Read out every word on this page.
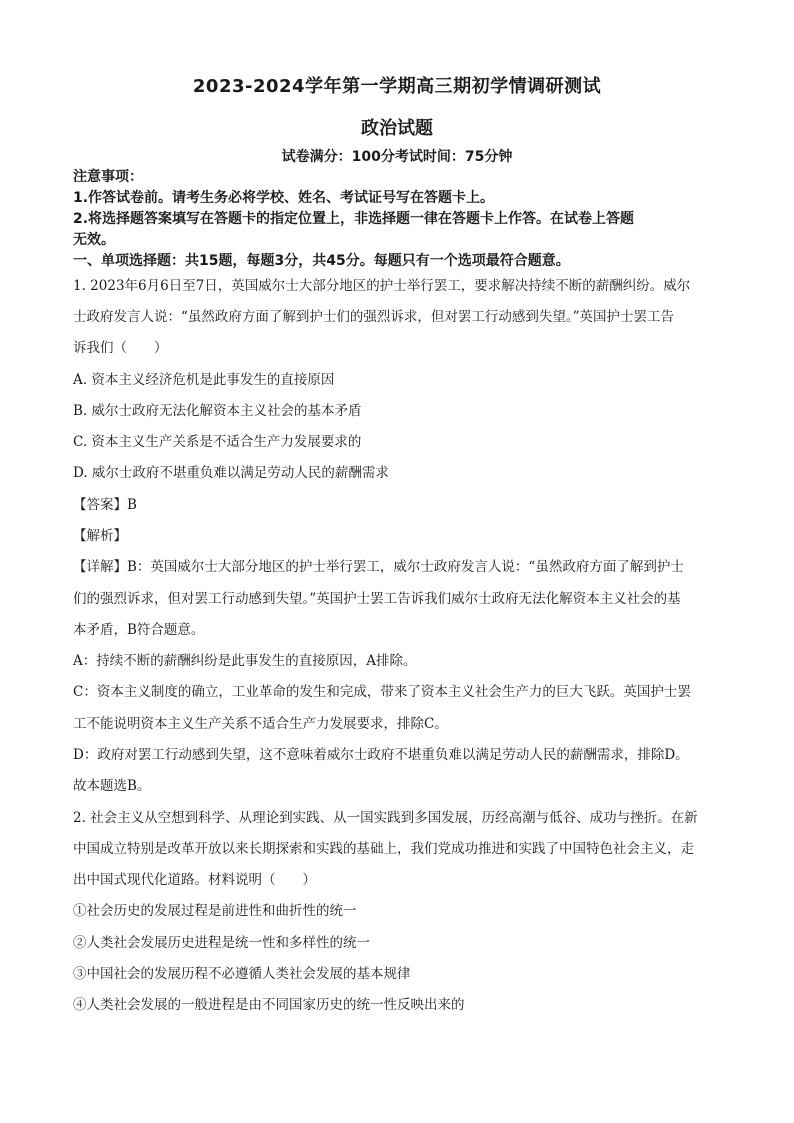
2023-2024学年第一学期高三期初学情调研测试
政治试题
试卷满分：100分考试时间：75分钟
注意事项：
1.作答试卷前。请考生务必将学校、姓名、考试证号写在答题卡上。
2.将选择题答案填写在答题卡的指定位置上，非选择题一律在答题卡上作答。在试卷上答题
无效。
一、单项选择题：共15题，每题3分，共45分。每题只有一个选项最符合题意。
1. 2023年6月6日至7日，英国威尔士大部分地区的护士举行罢工，要求解决持续不断的薪酬纠纷。威尔
士政府发言人说：“虽然政府方面了解到护士们的强烈诉求，但对罢工行动感到失望。”英国护士罢工告
诉我们（　　）
A. 资本主义经济危机是此事发生的直接原因
B. 威尔士政府无法化解资本主义社会的基本矛盾
C. 资本主义生产关系是不适合生产力发展要求的
D. 威尔士政府不堪重负难以满足劳动人民的薪酬需求
【答案】B
【解析】
【详解】B：英国威尔士大部分地区的护士举行罢工，威尔士政府发言人说：“虽然政府方面了解到护士
们的强烈诉求，但对罢工行动感到失望。”英国护士罢工告诉我们威尔士政府无法化解资本主义社会的基
本矛盾，B符合题意。
A：持续不断的薪酬纠纷是此事发生的直接原因，A排除。
C：资本主义制度的确立，工业革命的发生和完成，带来了资本主义社会生产力的巨大飞跃。英国护士罢
工不能说明资本主义生产关系不适合生产力发展要求，排除C。
D：政府对罢工行动感到失望，这不意味着威尔士政府不堪重负难以满足劳动人民的薪酬需求，排除D。
故本题选B。
2. 社会主义从空想到科学、从理论到实践、从一国实践到多国发展，历经高潮与低谷、成功与挫折。在新
中国成立特别是改革开放以来长期探索和实践的基础上，我们党成功推进和实践了中国特色社会主义，走
出中国式现代化道路。材料说明（　　）
①社会历史的发展过程是前进性和曲折性的统一
②人类社会发展历史进程是统一性和多样性的统一
③中国社会的发展历程不必遵循人类社会发展的基本规律
④人类社会发展的一般进程是由不同国家历史的统一性反映出来的
